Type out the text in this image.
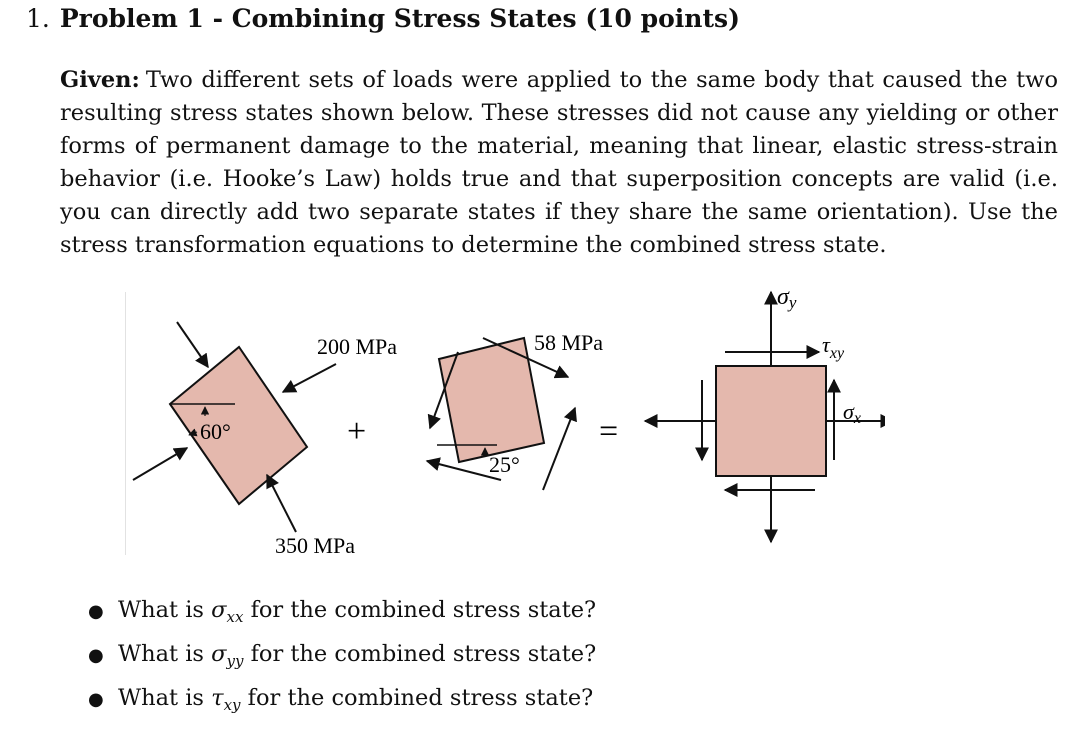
1. Problem 1 - Combining Stress States (10 points)
Given: Two different sets of loads were applied to the same body that caused the two resulting stress states shown below. These stresses did not cause any yielding or other forms of permanent damage to the material, meaning that linear, elastic stress-strain behavior (i.e. Hooke’s Law) holds true and that superposition concepts are valid (i.e. you can directly add two separate states if they share the same orientation). Use the stress transformation equations to determine the combined stress state.
60°
200 MPa
350 MPa
+
25°
58 MPa
=
σy
$\tau_{xy}$
σx
● What is $\sigma_{xx}$ for the combined stress state?
● What is $\sigma_{yy}$ for the combined stress state?
● What is $\tau_{xy}$ for the combined stress state?
